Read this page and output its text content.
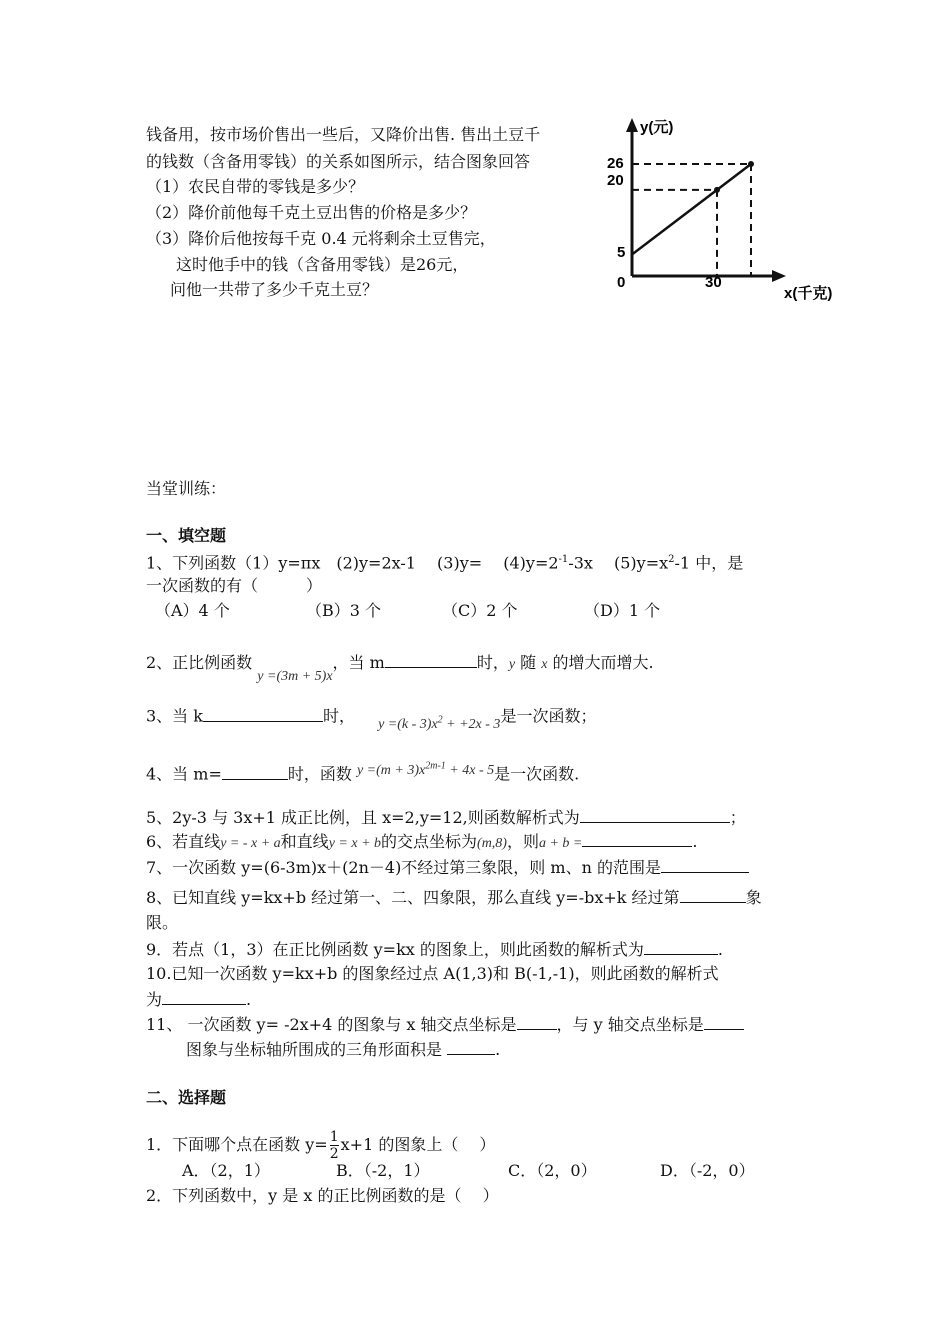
钱备用，按市场价售出一些后，又降价出售. 售出土豆千
的钱数（含备用零钱）的关系如图所示，结合图象回答
（1）农民自带的零钱是多少？
（2）降价前他每千克土豆出售的价格是多少？
（3）降价后他按每千克 0.4 元将剩余土豆售完，
这时他手中的钱（含备用零钱）是26元，
问他一共带了多少千克土豆？
y(元)
x(千克)
0	30
5
20
26
当堂训练：
一、填空题
1、下列函数（1）y=πx　(2)y=2x-1　 (3)y=　 $(4)y=2^{-1}-3x$　 $(5)y=x^2-1$ 中，是
一次函数的有（　　　）
（A）4 个	（B）3 个	（C）2 个	（D）1 个
2、正比例函数 y =(3m + 5)x，当 m	时，y 随 x 的增大而增大.
3、当 k	时， $y =(k - 3)x^2 + +2x - 3$是一次函数；
4、当 m=	时，函数 $y =(m + 3)x^{2m-1} + 4x - 5$是一次函数.
5、2y-3 与 3x+1 成正比例，且 x=2,y=12,则函数解析式为	；
6、若直线y = - x + a和直线y = x + b的交点坐标为(m,8)，则a + b =	.
7、一次函数 y=(6-3m)x＋(2n－4)不经过第三象限，则 m、n 的范围是
8、已知直线 y=kx+b 经过第一、二、四象限，那么直线 y=-bx+k 经过第	象
限。
9．若点（1，3）在正比例函数 y=kx 的图象上，则此函数的解析式为	.
10.已知一次函数 y=kx+b 的图象经过点 A(1,3)和 B(-1,-1)，则此函数的解析式
为	.
11、 一次函数 y= -2x+4 的图象与 x 轴交点坐标是	，与 y 轴交点坐标是
图象与坐标轴所围成的三角形面积是	.
二、选择题
1．下面哪个点在函数 $y= \frac{1}{2} x+1$ 的图象上（　 ）
A．（2，1）	B．（-2，1）	C．（2，0）	D．（-2，0）
2．下列函数中，y 是 x 的正比例函数的是（　 ）
